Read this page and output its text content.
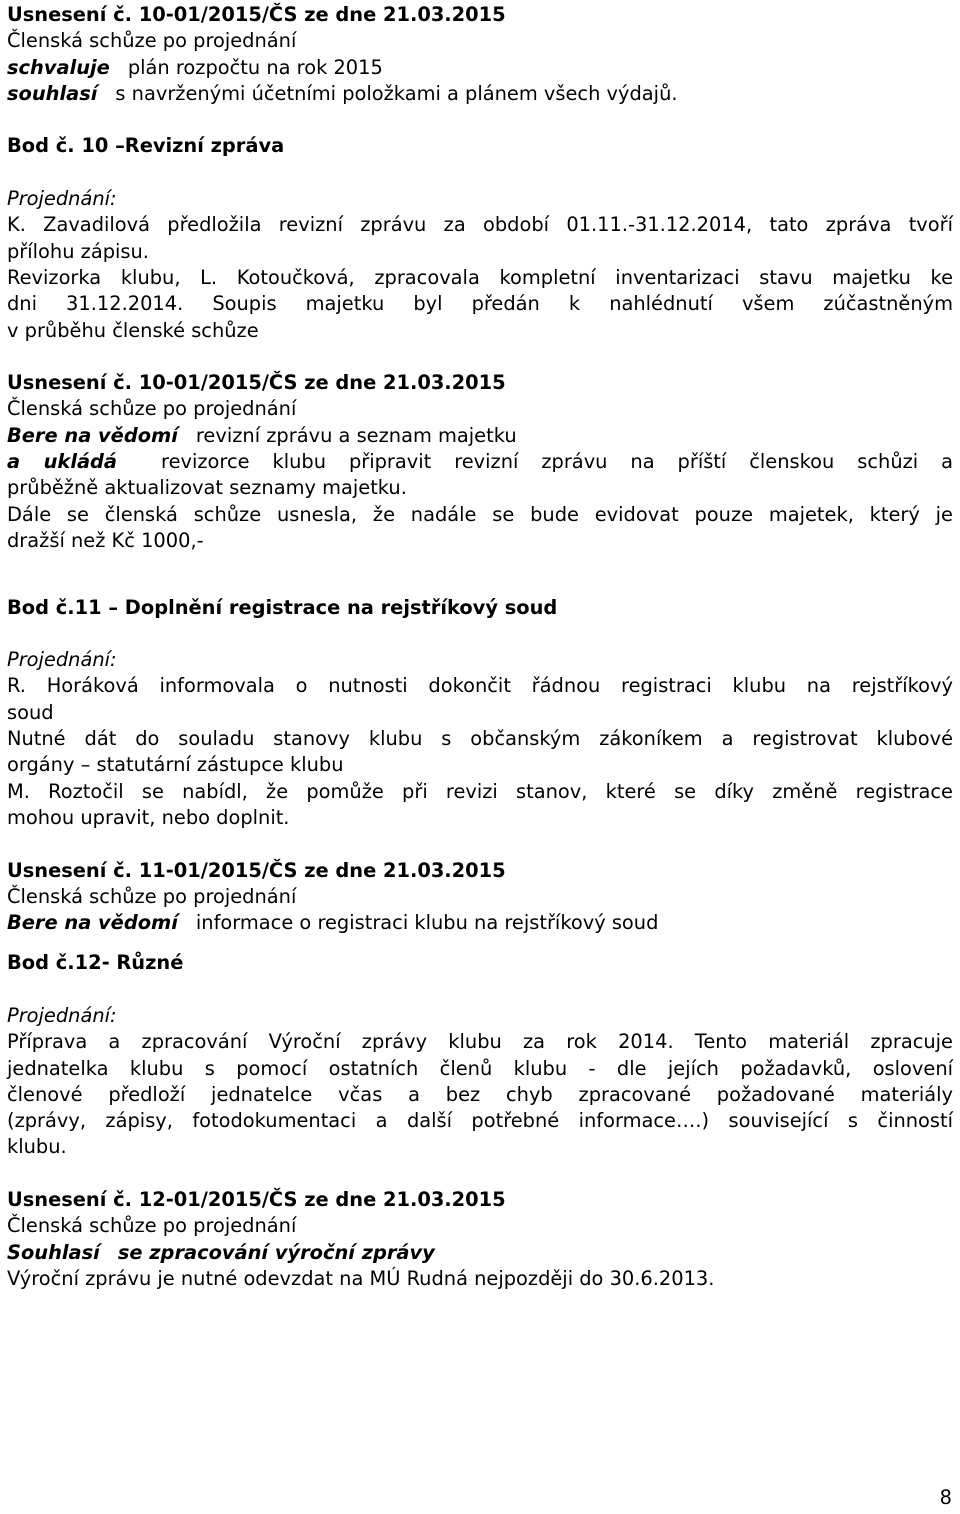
Usnesení č. 10-01/2015/ČS ze dne 21.03.2015
Členská schůze po projednání
schvaluje plán rozpočtu na rok 2015
souhlasí s navrženými účetními položkami a plánem všech výdajů.
Bod č. 10 –Revizní zpráva
Projednání:
K. Zavadilová předložila revizní zprávu za období 01.11.-31.12.2014, tato zpráva tvoří
přílohu zápisu.
Revizorka klubu, L. Kotoučková, zpracovala kompletní inventarizaci stavu majetku ke
dni 31.12.2014. Soupis majetku byl předán k nahlédnutí všem zúčastněným
v průběhu členské schůze
Usnesení č. 10-01/2015/ČS ze dne 21.03.2015
Členská schůze po projednání
Bere na vědomí revizní zprávu a seznam majetku
a ukládá revizorce klubu připravit revizní zprávu na příští členskou schůzi a
průběžně aktualizovat seznamy majetku.
Dále se členská schůze usnesla, že nadále se bude evidovat pouze majetek, který je
dražší než Kč 1000,-
Bod č.11 – Doplnění registrace na rejstříkový soud
Projednání:
R. Horáková informovala o nutnosti dokončit řádnou registraci klubu na rejstříkový
soud
Nutné dát do souladu stanovy klubu s občanským zákoníkem a registrovat klubové
orgány – statutární zástupce klubu
M. Roztočil se nabídl, že pomůže při revizi stanov, které se díky změně registrace
mohou upravit, nebo doplnit.
Usnesení č. 11-01/2015/ČS ze dne 21.03.2015
Členská schůze po projednání
Bere na vědomí informace o registraci klubu na rejstříkový soud
Bod č.12- Různé
Projednání:
Příprava a zpracování Výroční zprávy klubu za rok 2014. Tento materiál zpracuje
jednatelka klubu s pomocí ostatních členů klubu - dle jejích požadavků, oslovení
členové předloží jednatelce včas a bez chyb zpracované požadované materiály
(zprávy, zápisy, fotodokumentaci a další potřebné informace….) související s činností
klubu.
Usnesení č. 12-01/2015/ČS ze dne 21.03.2015
Členská schůze po projednání
Souhlasí se zpracování výroční zprávy
Výroční zprávu je nutné odevzdat na MÚ Rudná nejpozději do 30.6.2013.
8
